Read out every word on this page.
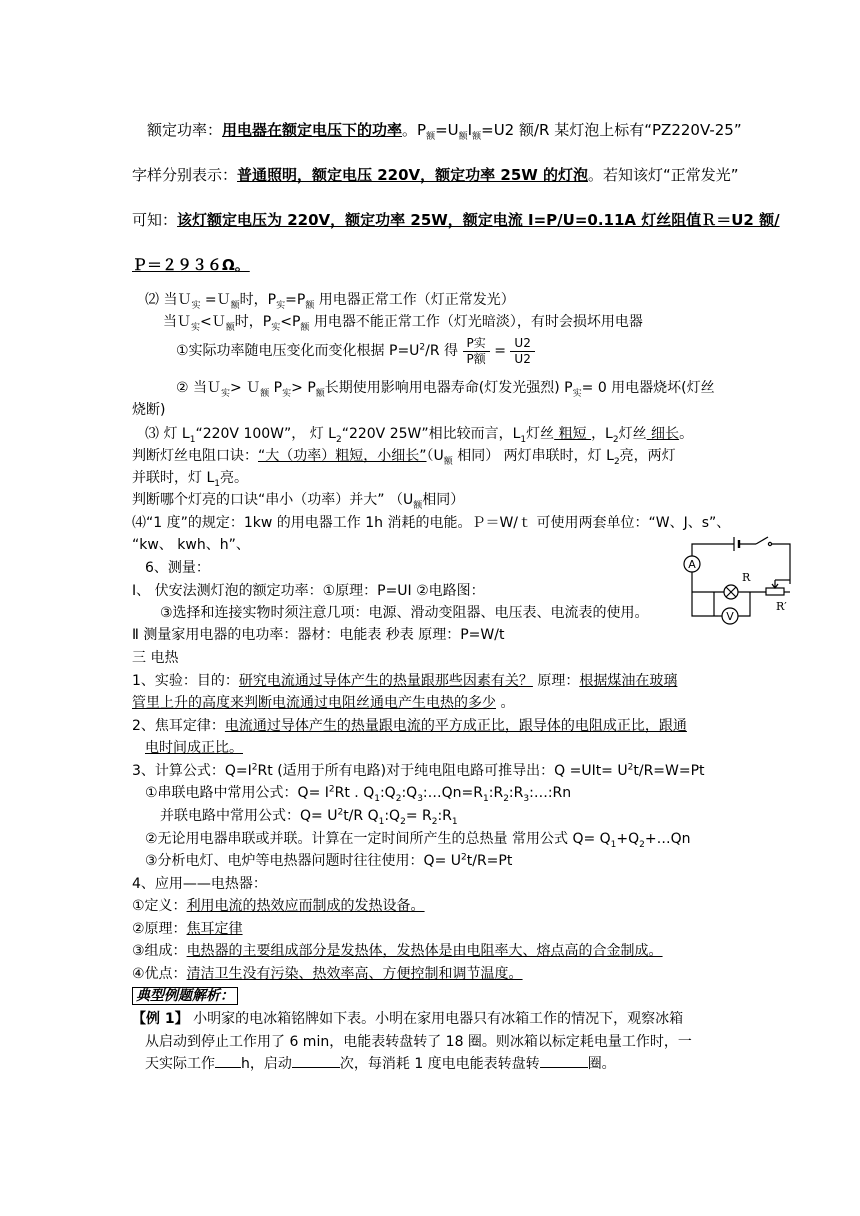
额定功率：用电器在额定电压下的功率。$P_额=U_额I_额=U2$ 额/R 某灯泡上标有“PZ220V-25”
字样分别表示：普通照明，额定电压 220V，额定功率 25W 的灯泡。若知该灯“正常发光”
可知：该灯额定电压为 220V，额定功率 25W，额定电流 I=P/U=0.11A 灯丝阻值Ｒ＝U2 额/
Ｐ＝２９３６Ω。
⑵ 当Ｕ$_实$ =Ｕ$_额$时，$P_实=P_额$ 用电器正常工作（灯正常发光）
当Ｕ$_实$<Ｕ$_额$时，$P_实<P_额$ 用电器不能正常工作（灯光暗淡），有时会损坏用电器
①实际功率随电压变化而变化根据 $P=U^2/R$ 得 $\frac{\text{P实}}{\text{P额}} = \frac{U2}{U2}$
② 当Ｕ$_实$> Ｕ$_额$ $P_实> P_额$长期使用影响用电器寿命(灯发光强烈) $P_实= 0$ 用电器烧坏(灯丝
烧断)
⑶ 灯 $L_1“220V$ 100W”， 灯 $L_2“220V$ 25W”相比较而言，$L_1$灯丝 粗短 ，$L_2$灯丝 细长。
判断灯丝电阻口诀：“大（功率）粗短，小细长$”(U_额$ 相同） 两灯串联时，灯 $L_2$亮，两灯
并联时，灯 $L_1$亮。
判断哪个灯亮的口诀“串小（功率）并大” （$U_额$相同）
⑷“1 度”的规定：1kw 的用电器工作 1h 消耗的电能。Ｐ＝W/ｔ 可使用两套单位：“W、J、s”、
“kw、 kwh、h”、
6、测量：
Ⅰ、 伏安法测灯泡的额定功率：①原理：P=UI ②电路图：
③选择和连接实物时须注意几项：电源、滑动变阻器、电压表、电流表的使用。
Ⅱ 测量家用电器的电功率：器材：电能表 秒表 原理：P=W/t
A
V
R
R′
三 电热
1、实验：目的：研究电流通过导体产生的热量跟那些因素有关？ 原理：根据煤油在玻璃
管里上升的高度来判断电流通过电阻丝通电产生电热的多少 。
2、焦耳定律：电流通过导体产生的热量跟电流的平方成正比，跟导体的电阻成正比，跟通
电时间成正比。
3、计算公式：$Q=I^2Rt$ (适用于所有电路)对于纯电阻电路可推导出：$Q =UIt= U^2t/R=W=Pt$
①串联电路中常用公式：$Q= I^2Rt$ . $Q_1:Q_2:Q_3:\dots Qn=R_1:R_2:R_3:\dots:Rn$
并联电路中常用公式：$Q= U^2t/R$ $Q_1:Q_2=$ $R_2:R_1$
②无论用电器串联或并联。计算在一定时间所产生的总热量 常用公式 $Q= Q_1+Q_2+\dots Qn$
③分析电灯、电炉等电热器问题时往往使用：$Q= U^2t/R=Pt$
4、应用——电热器：
①定义：利用电流的热效应而制成的发热设备。
②原理：焦耳定律
③组成：电热器的主要组成部分是发热体，发热体是由电阻率大、熔点高的合金制成。
④优点：清洁卫生没有污染、热效率高、方便控制和调节温度。
典型例题解析：
【例 1】 小明家的电冰箱铭牌如下表。小明在家用电器只有冰箱工作的情况下，观察冰箱
从启动到停止工作用了 6 min，电能表转盘转了 18 圈。则冰箱以标定耗电量工作时，一
天实际工作 h，启动	次，每消耗 1 度电电能表转盘转	圈。
